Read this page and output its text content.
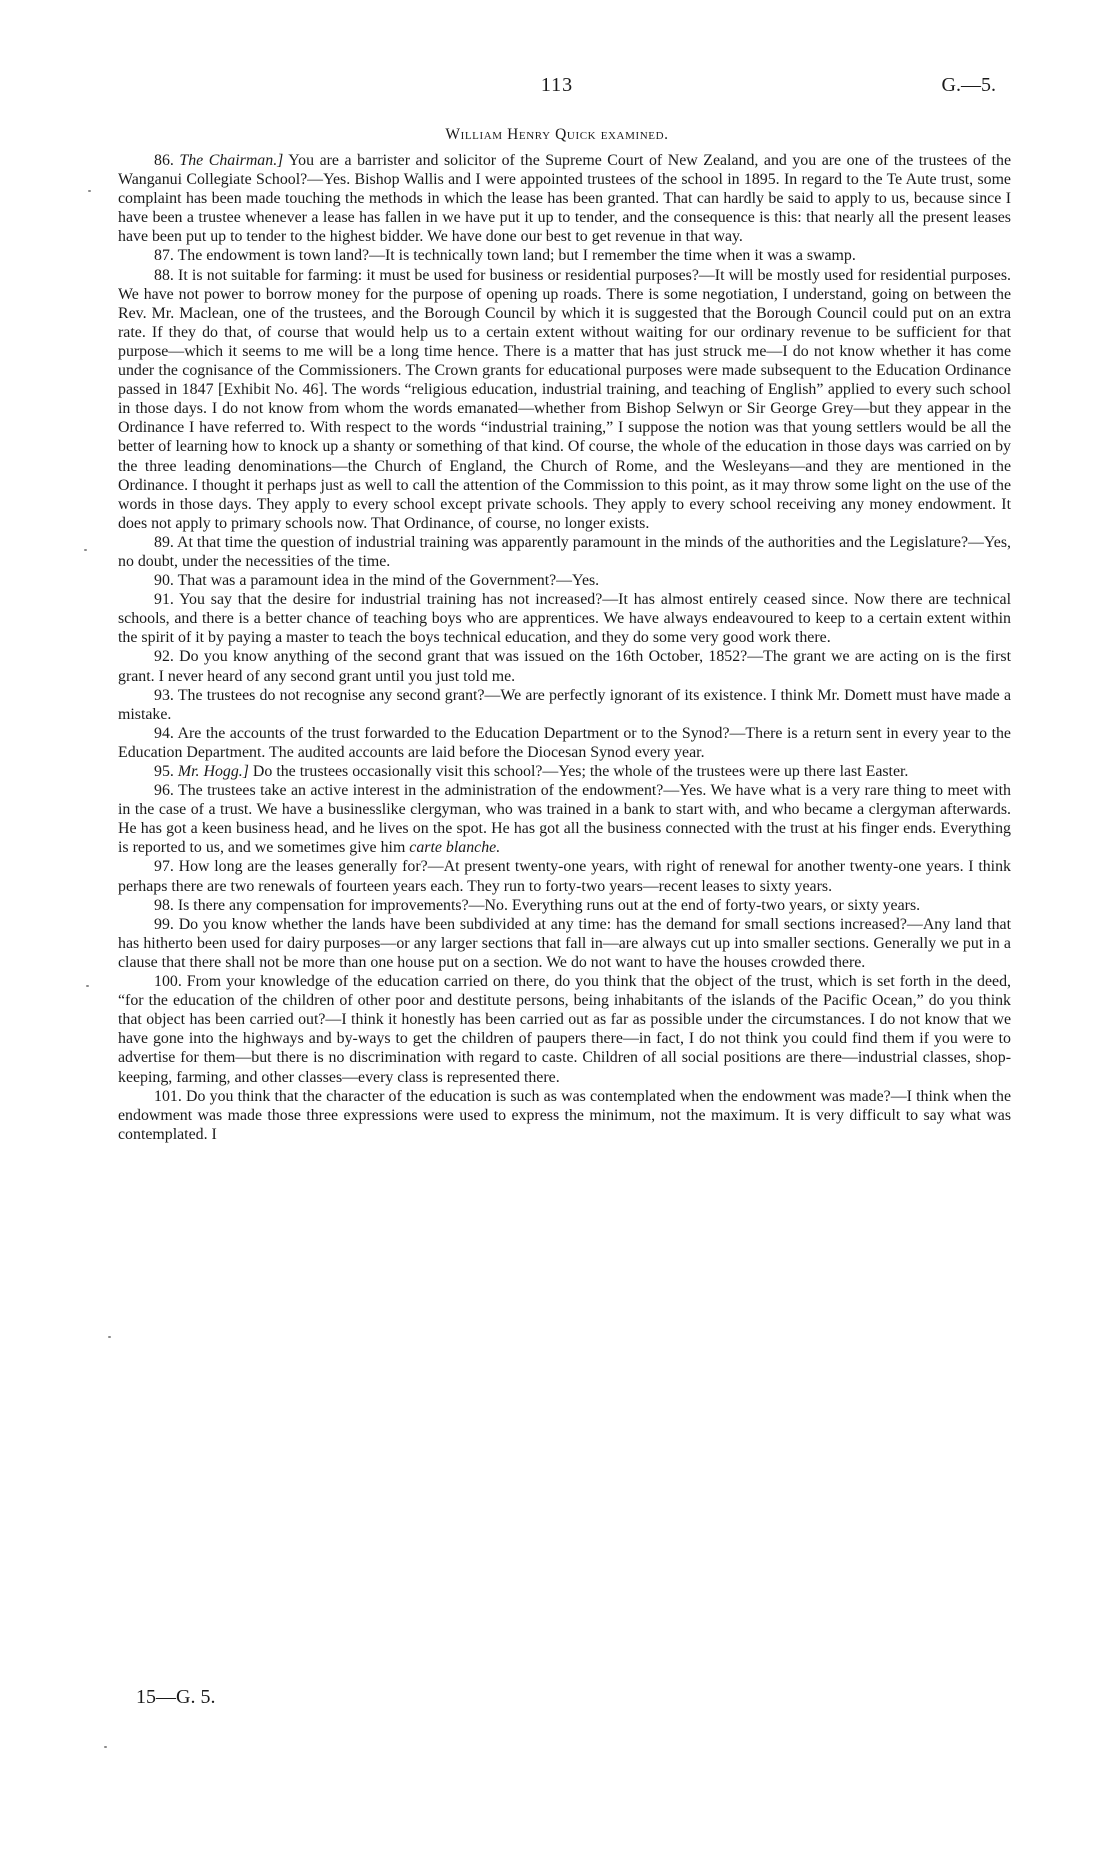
113	G.—5.
William Henry Quick examined.

86. The Chairman.] You are a barrister and solicitor of the Supreme Court of New Zealand, and you are one of the trustees of the Wanganui Collegiate School?—Yes. Bishop Wallis and I were appointed trustees of the school in 1895. In regard to the Te Aute trust, some complaint has been made touching the methods in which the lease has been granted. That can hardly be said to apply to us, because since I have been a trustee whenever a lease has fallen in we have put it up to tender, and the consequence is this: that nearly all the present leases have been put up to tender to the highest bidder. We have done our best to get revenue in that way.

87. The endowment is town land?—It is technically town land; but I remember the time when it was a swamp.

88. It is not suitable for farming: it must be used for business or residential purposes?—It will be mostly used for residential purposes. We have not power to borrow money for the purpose of opening up roads. There is some negotiation, I understand, going on between the Rev. Mr. Maclean, one of the trustees, and the Borough Council by which it is suggested that the Borough Council could put on an extra rate. If they do that, of course that would help us to a certain extent without waiting for our ordinary revenue to be sufficient for that purpose—which it seems to me will be a long time hence. There is a matter that has just struck me—I do not know whether it has come under the cognisance of the Commissioners. The Crown grants for educational purposes were made subsequent to the Education Ordinance passed in 1847 [Exhibit No. 46]. The words “religious education, industrial training, and teaching of English” applied to every such school in those days. I do not know from whom the words emanated—whether from Bishop Selwyn or Sir George Grey—but they appear in the Ordinance I have referred to. With respect to the words “industrial training,” I suppose the notion was that young settlers would be all the better of learning how to knock up a shanty or something of that kind. Of course, the whole of the education in those days was carried on by the three leading denominations—the Church of England, the Church of Rome, and the Wesleyans—and they are mentioned in the Ordinance. I thought it perhaps just as well to call the attention of the Commission to this point, as it may throw some light on the use of the words in those days. They apply to every school except private schools. They apply to every school receiving any money endowment. It does not apply to primary schools now. That Ordinance, of course, no longer exists.

89. At that time the question of industrial training was apparently paramount in the minds of the authorities and the Legislature?—Yes, no doubt, under the necessities of the time.

90. That was a paramount idea in the mind of the Government?—Yes.

91. You say that the desire for industrial training has not increased?—It has almost entirely ceased since. Now there are technical schools, and there is a better chance of teaching boys who are apprentices. We have always endeavoured to keep to a certain extent within the spirit of it by paying a master to teach the boys technical education, and they do some very good work there.

92. Do you know anything of the second grant that was issued on the 16th October, 1852?—The grant we are acting on is the first grant. I never heard of any second grant until you just told me.

93. The trustees do not recognise any second grant?—We are perfectly ignorant of its existence. I think Mr. Domett must have made a mistake.

94. Are the accounts of the trust forwarded to the Education Department or to the Synod?—There is a return sent in every year to the Education Department. The audited accounts are laid before the Diocesan Synod every year.

95. Mr. Hogg.] Do the trustees occasionally visit this school?—Yes; the whole of the trustees were up there last Easter.

96. The trustees take an active interest in the administration of the endowment?—Yes. We have what is a very rare thing to meet with in the case of a trust. We have a businesslike clergyman, who was trained in a bank to start with, and who became a clergyman afterwards. He has got a keen business head, and he lives on the spot. He has got all the business connected with the trust at his finger ends. Everything is reported to us, and we sometimes give him carte blanche.

97. How long are the leases generally for?—At present twenty-one years, with right of renewal for another twenty-one years. I think perhaps there are two renewals of fourteen years each. They run to forty-two years—recent leases to sixty years.

98. Is there any compensation for improvements?—No. Everything runs out at the end of forty-two years, or sixty years.

99. Do you know whether the lands have been subdivided at any time: has the demand for small sections increased?—Any land that has hitherto been used for dairy purposes—or any larger sections that fall in—are always cut up into smaller sections. Generally we put in a clause that there shall not be more than one house put on a section. We do not want to have the houses crowded there.

100. From your knowledge of the education carried on there, do you think that the object of the trust, which is set forth in the deed, “for the education of the children of other poor and destitute persons, being inhabitants of the islands of the Pacific Ocean,” do you think that object has been carried out?—I think it honestly has been carried out as far as possible under the circumstances. I do not know that we have gone into the highways and by-ways to get the children of paupers there—in fact, I do not think you could find them if you were to advertise for them—but there is no discrimination with regard to caste. Children of all social positions are there—industrial classes, shop-keeping, farming, and other classes—every class is represented there.

101. Do you think that the character of the education is such as was contemplated when the endowment was made?—I think when the endowment was made those three expressions were used to express the minimum, not the maximum. It is very difficult to say what was contemplated. I

15—G. 5.
